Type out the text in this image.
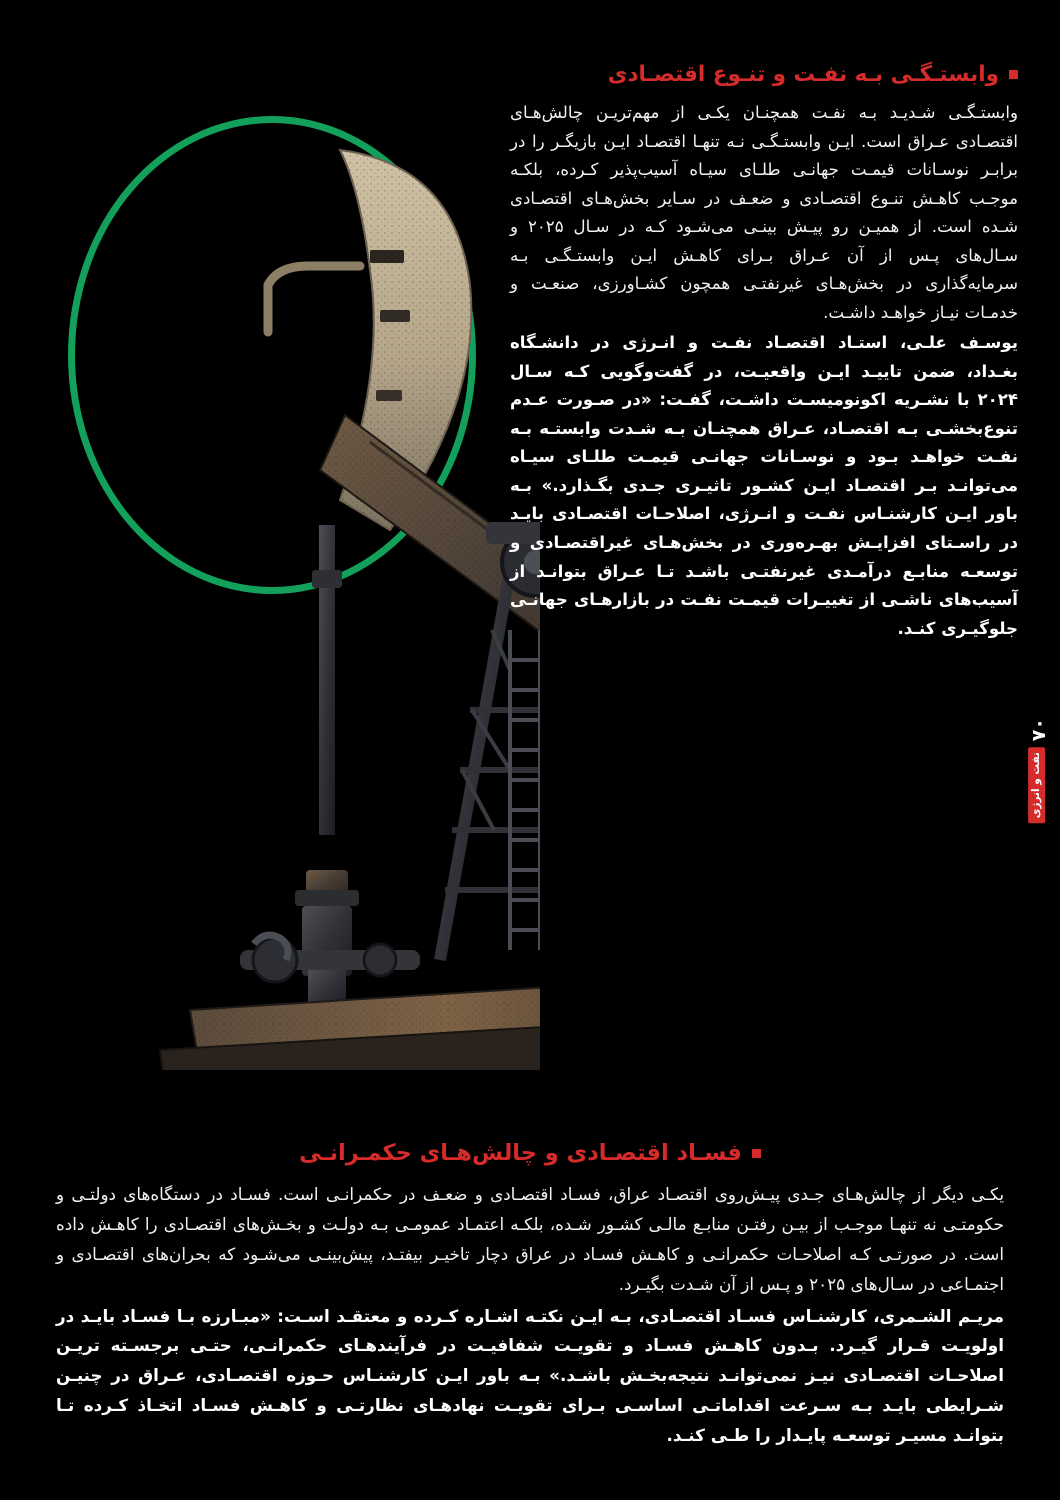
وابستـگـی بـه نفـت و تنـوع اقتصـادی

وابستـگـی شـدیـد بـه نفـت همچنـان یکـی از مهم‌تریـن چالش‌هـای اقتصـادی عـراق است. ایـن وابستـگـی نـه تنهـا اقتصـاد ایـن بازیگـر را در برابـر نوسـانات قیمـت جهانـی طلـای سیـاه آسیب‌پذیر کـرده، بلکـه موجـب کاهـش تنـوع اقتصـادی و ضعـف در سـایر بخش‌هـای اقتصـادی شـده است. از همیـن رو پیـش بینـی می‌شـود کـه در سـال ۲۰۲۵ و سـال‌های پـس از آن عـراق بـرای کاهـش ایـن وابستـگـی بـه سرمایه‌گذاری در بخش‌هـای غیرنفتـی همچون کشـاورزی، صنعـت و خدمـات نیـاز خواهـد داشـت.

یوسـف علـی، استـاد اقتصـاد نفـت و انـرژی در دانشـگاه بغـداد، ضمن تاییـد ایـن واقعیـت، در گفت‌وگویی کـه سـال ۲۰۲۴ با نشـریه اکونومیسـت داشـت، گفـت: «در صـورت عـدم تنوع‌بخشـی بـه اقتصـاد، عـراق همچنـان بـه شـدت وابستـه بـه نفـت خواهـد بـود و نوسـانات جهانـی قیمـت طلـای سیـاه می‌توانـد بـر اقتصـاد ایـن کشـور تاثیـری جـدی بگـذارد.» بـه باور ایـن کارشنـاس نفـت و انـرژی، اصلاحـات اقتصـادی بایـد در راسـتای افزایـش بهـره‌وری در بخش‌هـای غیراقتصـادی و توسعـه منابـع درآمـدی غیرنفتـی باشـد تـا عـراق بتوانـد از آسیب‌های ناشـی از تغییـرات قیمـت نفـت در بازارهـای جهانـی جلوگیـری کنـد.

فسـاد اقتصـادی و چالش‌هـای حکمـرانـی

یکـی دیگر از چالش‌هـای جـدی پیـش‌روی اقتصـاد عراق، فسـاد اقتصـادی و ضعـف در حکمرانـی است. فسـاد در دستگاه‌های دولتـی و حکومتـی نه تنهـا موجـب از بیـن رفتـن منابـع مالـی کشـور شـده، بلکـه اعتمـاد عمومـی بـه دولـت و بخـش‌های اقتصـادی را کاهـش داده است. در صورتـی کـه اصلاحـات حکمرانـی و کاهـش فسـاد در عراق دچار تاخیـر بیفتـد، پیش‌بینـی می‌شـود که بحران‌های اقتصـادی و اجتمـاعی در سـال‌های ۲۰۲۵ و پـس از آن شـدت بگیـرد.

مریـم الشـمری، کارشنـاس فسـاد اقتصـادی، بـه ایـن نکتـه اشـاره کـرده و معتقـد اسـت: «مبـارزه بـا فسـاد بایـد در اولویـت قـرار گیـرد. بـدون کاهـش فسـاد و تقویـت شفافیـت در فرآیندهـای حکمرانـی، حتـی برجسـته تریـن اصلاحـات اقتصـادی نیـز نمی‌توانـد نتیجه‌بخـش باشـد.» بـه باور ایـن کارشنـاس حـوزه اقتصـادی، عـراق در چنیـن شـرایطی بایـد بـه سـرعت اقداماتـی اساسـی بـرای تقویـت نهادهـای نظارتـی و کاهـش فسـاد اتخـاذ کـرده تـا بتوانـد مسیـر توسعـه پایـدار را طـی کنـد.

۷۰
نفت و انرژی
